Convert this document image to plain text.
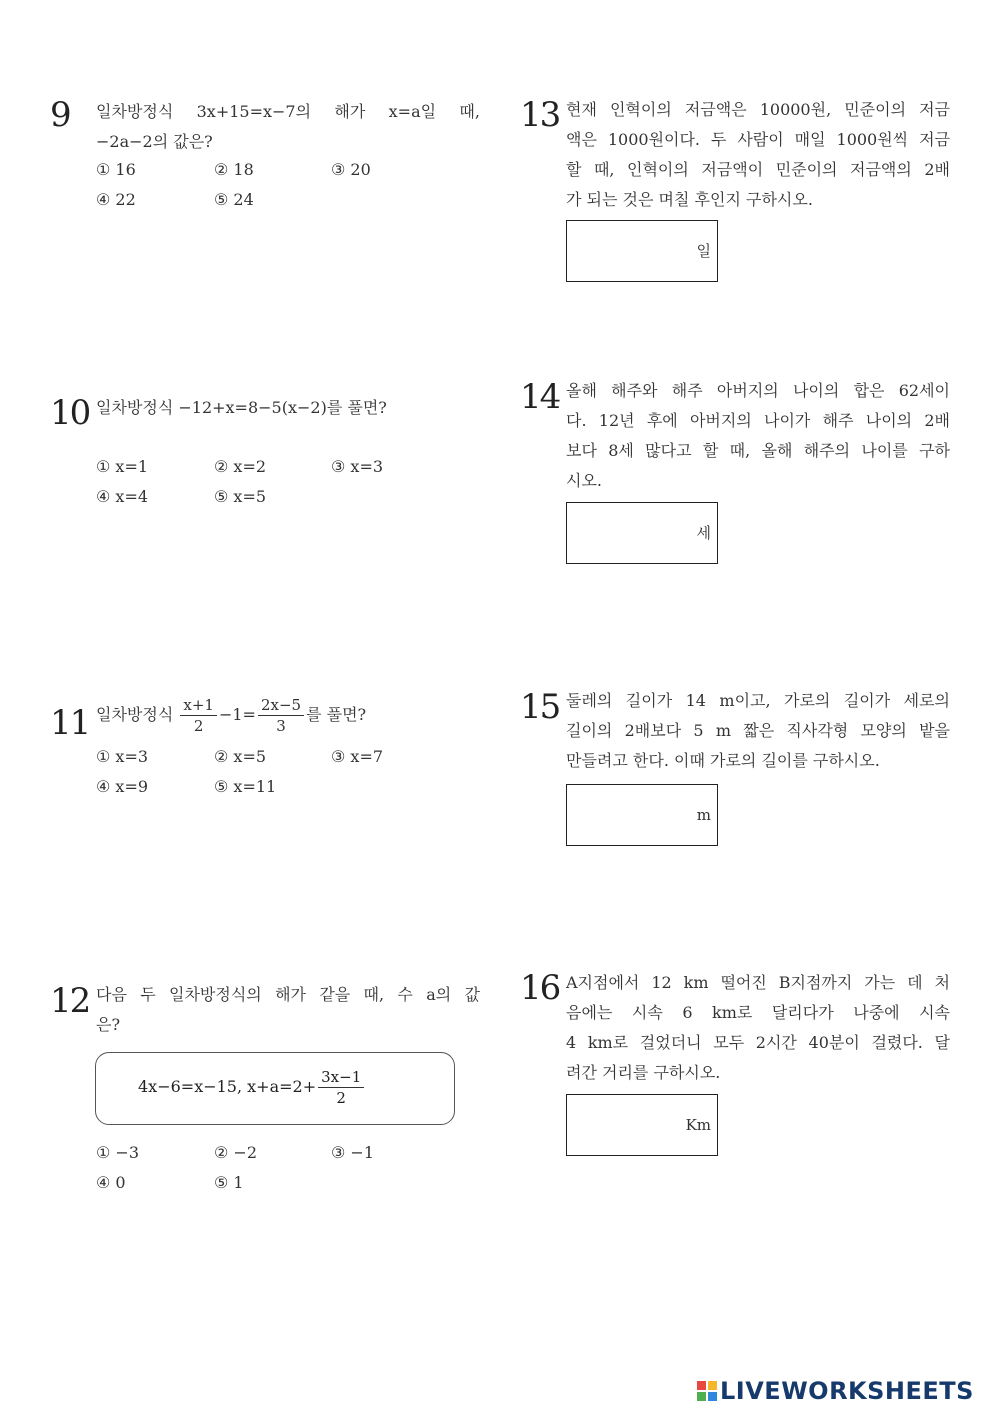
9 일차방정식 3x+15=x−7의 해가 x=a일 때,
−2a−2의 값은?
① 16	② 18	③ 20
④ 22	⑤ 24
10 일차방정식 −12+x=8−5(x−2)를 풀면?
① x=1	② x=2	③ x=3
④ x=4	⑤ x=5
11 일차방정식 $\frac{x+1}{2} -1= \frac{2x-5}{3}$ 를 풀면?
① x=3	② x=5	③ x=7
④ x=9	⑤ x=11
12 다음 두 일차방정식의 해가 같을 때, 수 a의 값
은?
4x−6=x−15, $x+a=2+ \frac{3x-1}{2}$
① −3	② −2	③ −1
④ 0	⑤ 1
13 현재 인혁이의 저금액은 10000원, 민준이의 저금
액은 1000원이다. 두 사람이 매일 1000원씩 저금
할 때, 인혁이의 저금액이 민준이의 저금액의 2배
가 되는 것은 며칠 후인지 구하시오.
일
14 올해 해주와 해주 아버지의 나이의 합은 62세이
다. 12년 후에 아버지의 나이가 해주 나이의 2배
보다 8세 많다고 할 때, 올해 해주의 나이를 구하
시오.
세
15 둘레의 길이가 14 m이고, 가로의 길이가 세로의
길이의 2배보다 5 m 짧은 직사각형 모양의 밭을
만들려고 한다. 이때 가로의 길이를 구하시오.
m
16 A지점에서 12 km 떨어진 B지점까지 가는 데 처
음에는 시속 6 km로 달리다가 나중에 시속
4 km로 걸었더니 모두 2시간 40분이 걸렸다. 달
려간 거리를 구하시오.
Km
LIVEWORKSHEETS
